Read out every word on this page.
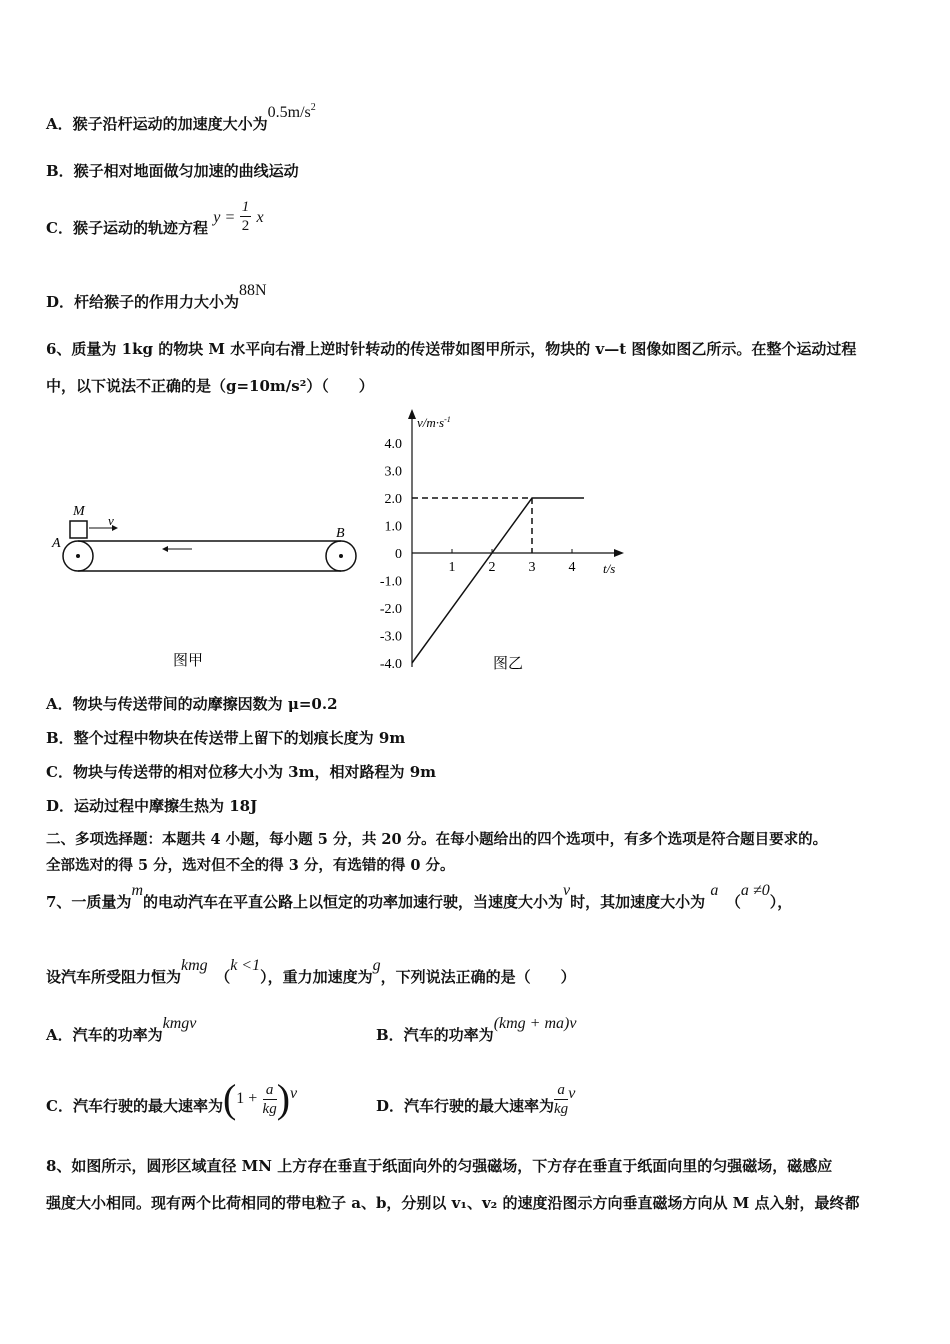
A．猴子沿杆运动的加速度大小为$0.5m/s^2$
B．猴子相对地面做匀加速的曲线运动
C．猴子运动的轨迹方程 $y = \frac{1}{2}$ x
D．杆给猴子的作用力大小为88N
6、质量为 1kg 的物块 M 水平向右滑上逆时针转动的传送带如图甲所示，物块的 v—t 图像如图乙所示。在整个运动过程
中，以下说法不正确的是（g=10m/s²）（　　）
M
v
A
B
图甲
$v/m\cdot s^{-1}$
t/s
4.0
3.0
2.0
1.0
0
-1.0
-2.0
-3.0
-4.0
1 2 3 4
图乙
A．物块与传送带间的动摩擦因数为 μ=0.2
B．整个过程中物块在传送带上留下的划痕长度为 9m
C．物块与传送带的相对位移大小为 3m，相对路程为 9m
D．运动过程中摩擦生热为 18J
二、多项选择题：本题共 4 小题，每小题 5 分，共 20 分。在每小题给出的四个选项中，有多个选项是符合题目要求的。
全部选对的得 5 分，选对但不全的得 3 分，有选错的得 0 分。
7、一质量为m的电动汽车在平直公路上以恒定的功率加速行驶，当速度大小为v时，其加速度大小为 a　（a ≠0），
设汽车所受阻力恒为kmg　（k <1），重力加速度为g，下列说法正确的是（　　）
A．汽车的功率为kmgv
B．汽车的功率为(kmg + ma)v
C．汽车行驶的最大速率为$(1 + \frac{a}{kg} )v$
D．汽车行驶的最大速率为 $\frac{a}{kg}$ v
8、如图所示，圆形区域直径 MN 上方存在垂直于纸面向外的匀强磁场，下方存在垂直于纸面向里的匀强磁场，磁感应
强度大小相同。现有两个比荷相同的带电粒子 a、b，分别以 v₁、v₂ 的速度沿图示方向垂直磁场方向从 M 点入射，最终都
